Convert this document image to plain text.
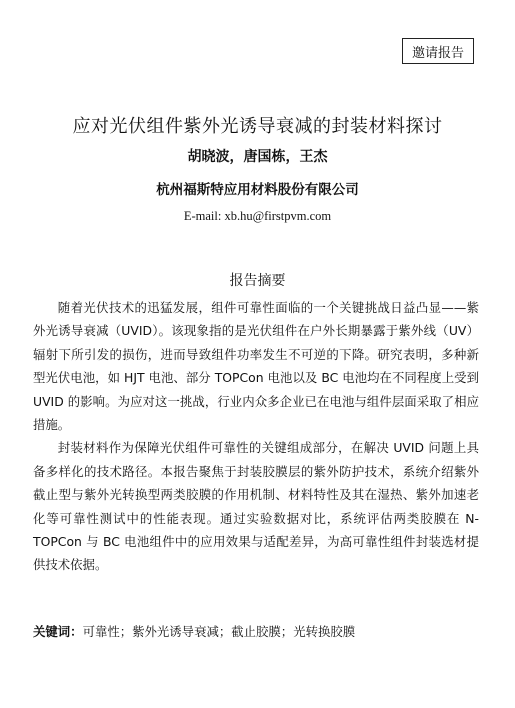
邀请报告
应对光伏组件紫外光诱导衰减的封装材料探讨
胡晓波，唐国栋，王杰
杭州福斯特应用材料股份有限公司
E-mail: xb.hu@firstpvm.com
报告摘要

随着光伏技术的迅猛发展，组件可靠性面临的一个关键挑战日益凸显——紫外光诱导衰减（UVID）。该现象指的是光伏组件在户外长期暴露于紫外线（UV）辐射下所引发的损伤，进而导致组件功率发生不可逆的下降。研究表明，多种新型光伏电池，如 HJT 电池、部分 TOPCon 电池以及 BC 电池均在不同程度上受到 UVID 的影响。为应对这一挑战，行业内众多企业已在电池与组件层面采取了相应措施。

封装材料作为保障光伏组件可靠性的关键组成部分，在解决 UVID 问题上具备多样化的技术路径。本报告聚焦于封装胶膜层的紫外防护技术，系统介绍紫外截止型与紫外光转换型两类胶膜的作用机制、材料特性及其在湿热、紫外加速老化等可靠性测试中的性能表现。通过实验数据对比，系统评估两类胶膜在 N-TOPCon 与 BC 电池组件中的应用效果与适配差异，为高可靠性组件封装选材提供技术依据。

关键词：可靠性；紫外光诱导衰减；截止胶膜；光转换胶膜
